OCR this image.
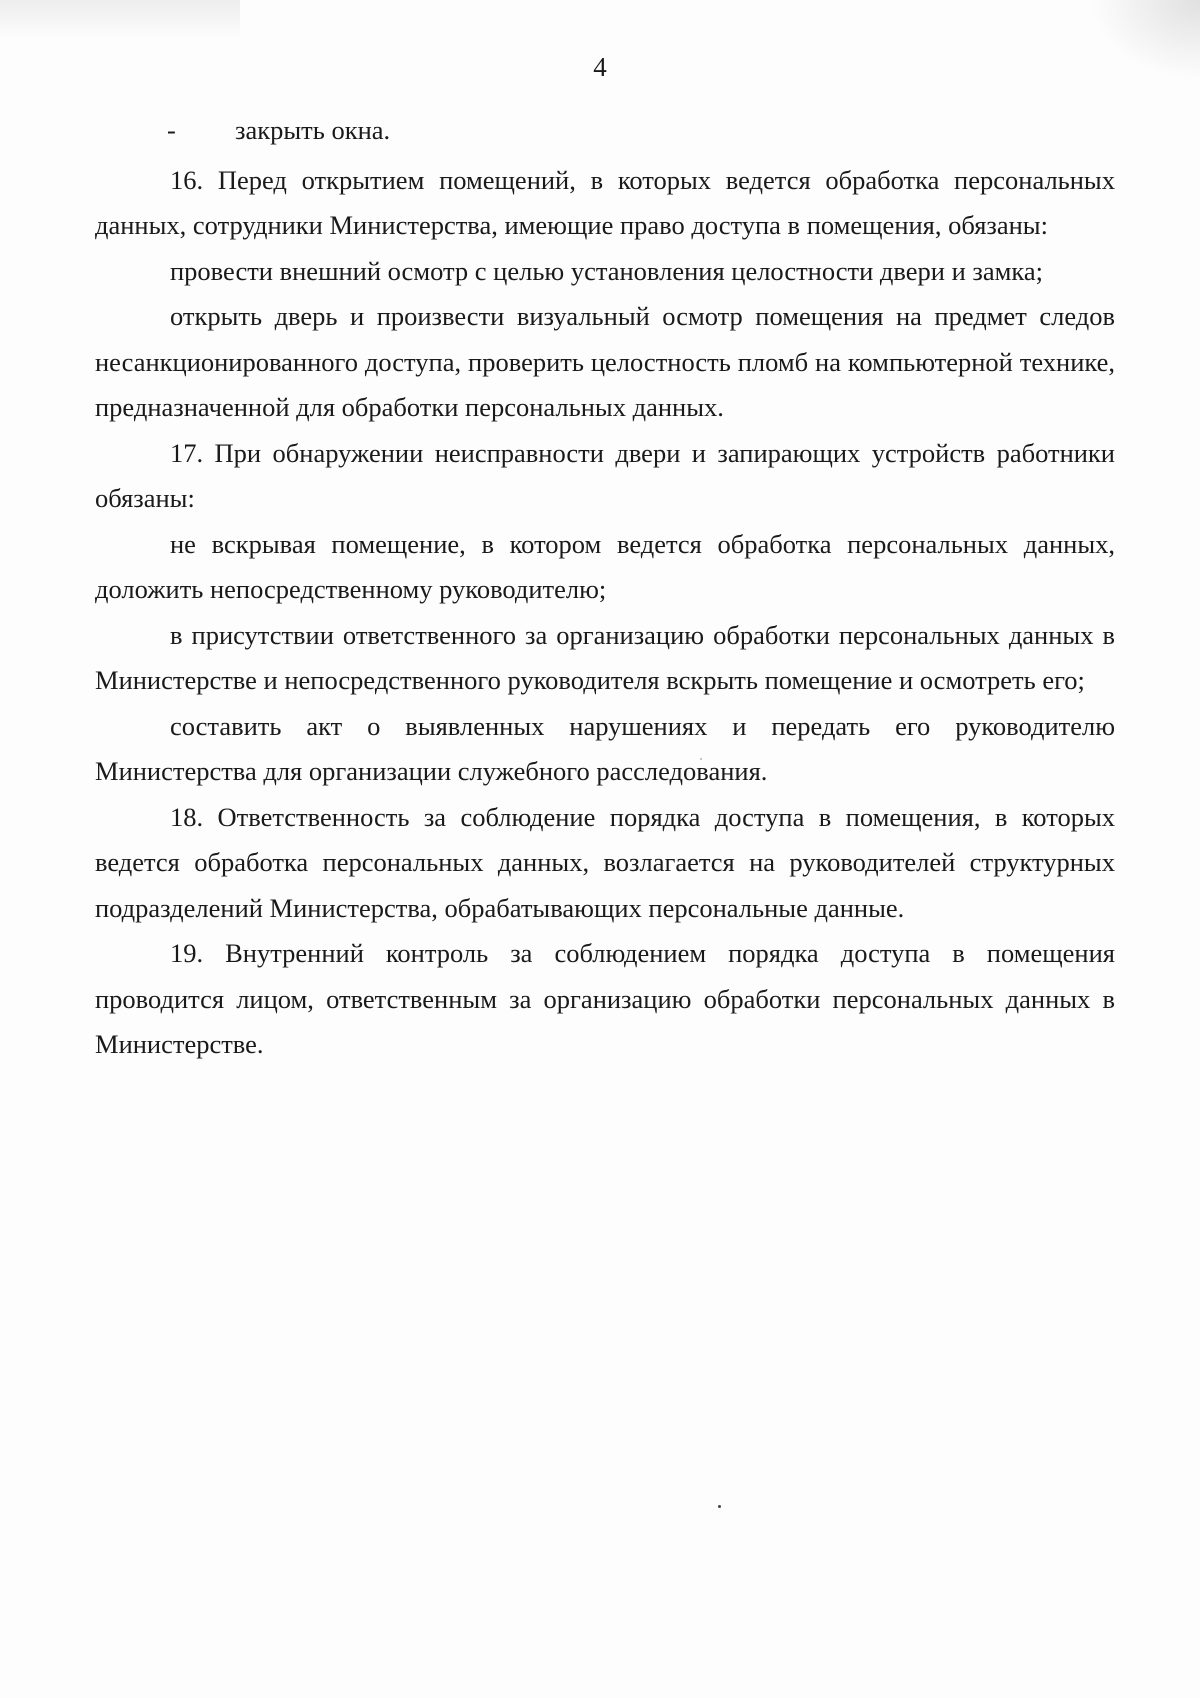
4

- закрыть окна.

16. Перед открытием помещений, в которых ведется обработка персональных данных, сотрудники Министерства, имеющие право доступа в помещения, обязаны:

провести внешний осмотр с целью установления целостности двери и замка;

открыть дверь и произвести визуальный осмотр помещения на предмет следов несанкционированного доступа, проверить целостность пломб на компьютерной технике, предназначенной для обработки персональных данных.

17. При обнаружении неисправности двери и запирающих устройств работники обязаны:

не вскрывая помещение, в котором ведется обработка персональных данных, доложить непосредственному руководителю;

в присутствии ответственного за организацию обработки персональных данных в Министерстве и непосредственного руководителя вскрыть помещение и осмотреть его;

составить акт о выявленных нарушениях и передать его руководителю Министерства для организации служебного расследования.

18. Ответственность за соблюдение порядка доступа в помещения, в которых ведется обработка персональных данных, возлагается на руководителей структурных подразделений Министерства, обрабатывающих персональные данные.

19. Внутренний контроль за соблюдением порядка доступа в помещения проводится лицом, ответственным за организацию обработки персональных данных в Министерстве.
